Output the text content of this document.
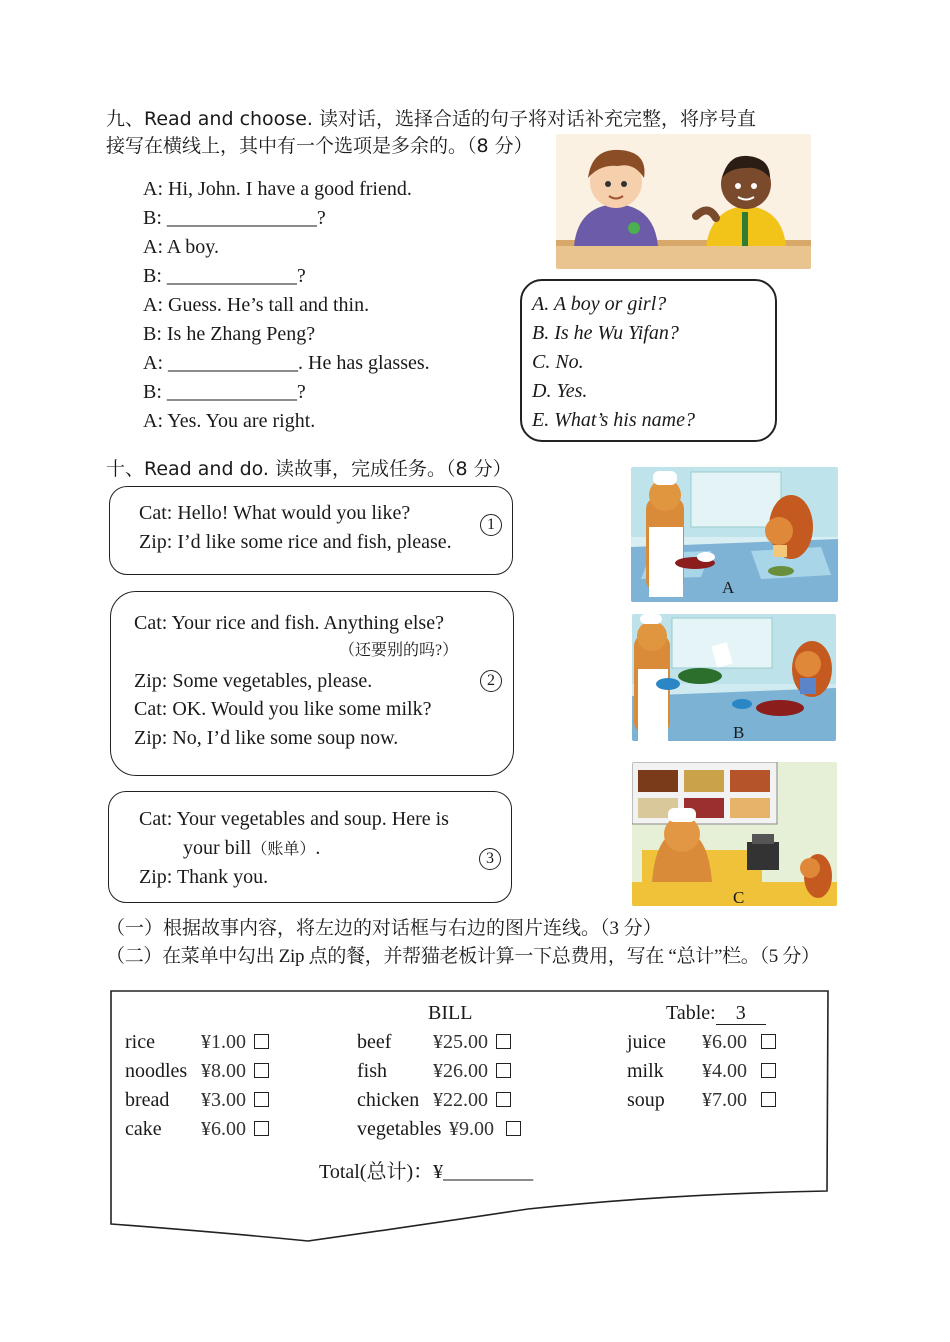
九、Read and choose. 读对话，选择合适的句子将对话补充完整，将序号直
接写在横线上，其中有一个选项是多余的。（8 分）
A: Hi, John. I have a good friend.
B: _______________?
A: A boy.
B: _____________?
A: Guess. He’s tall and thin.
B: Is he Zhang Peng?
A: _____________. He has glasses.
B: _____________?
A: Yes. You are right.
A. A boy or girl?
B. Is he Wu Yifan?
C. No.
D. Yes.
E. What’s his name?
十、Read and do. 读故事，完成任务。（8 分）
Cat: Hello! What would you like?
Zip: I’d like some rice and fish, please.
1
Cat: Your rice and fish. Anything else?
（还要别的吗?）
Zip: Some vegetables, please.
Cat: OK. Would you like some milk?
Zip: No, I’d like some soup now.
2
Cat: Your vegetables and soup. Here is
your bill（账单）.
Zip: Thank you.
3
A
B
C
（一）根据故事内容，将左边的对话框与右边的图片连线。（3 分）
（二）在菜单中勾出 Zip 点的餐，并帮猫老板计算一下总费用，写在 “总计”栏。（5 分）
BILL	Table: 3
rice ¥1.00
noodles ¥8.00
bread ¥3.00
cake ¥6.00
beef ¥25.00
fish ¥26.00
chicken ¥22.00
vegetables ¥9.00
juice ¥6.00
milk ¥4.00
soup ¥7.00
Total(总计)：¥_________
